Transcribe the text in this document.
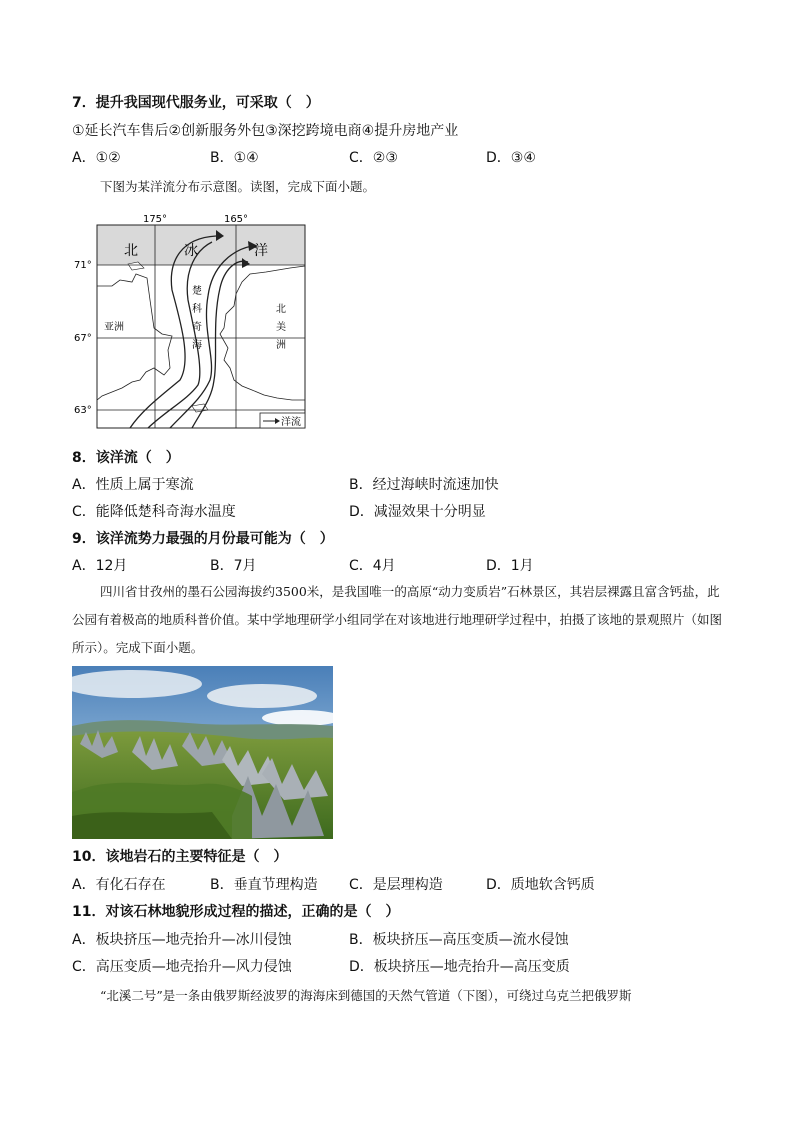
7．提升我国现代服务业，可采取（　）
①延长汽车售后②创新服务外包③深挖跨境电商④提升房地产业
A．①②	B．①④	C．②③	D．③④
下图为某洋流分布示意图。读图，完成下面小题。
175°	165°
71°
67°
63°
北	冰	洋
亚洲
北
美
洲
楚
科
奇
海
洋流
8．该洋流（　）
A．性质上属于寒流	B．经过海峡时流速加快
C．能降低楚科奇海水温度	D．减湿效果十分明显
9．该洋流势力最强的月份最可能为（　）
A．12月	B．7月	C．4月	D．1月

四川省甘孜州的墨石公园海拔约3500米，是我国唯一的高原“动力变质岩”石林景区，其岩层裸露且富含钙盐，此公园有着极高的地质科普价值。某中学地理研学小组同学在对该地进行地理研学过程中，拍摄了该地的景观照片（如图所示）。完成下面小题。

10．该地岩石的主要特征是（　）
A．有化石存在	B．垂直节理构造 C．是层理构造	D．质地软含钙质
11．对该石林地貌形成过程的描述，正确的是（　）
A．板块挤压—地壳抬升—冰川侵蚀	B．板块挤压—高压变质—流水侵蚀
C．高压变质—地壳抬升—风力侵蚀	D．板块挤压—地壳抬升—高压变质
“北溪二号”是一条由俄罗斯经波罗的海海床到德国的天然气管道（下图），可绕过乌克兰把俄罗斯
